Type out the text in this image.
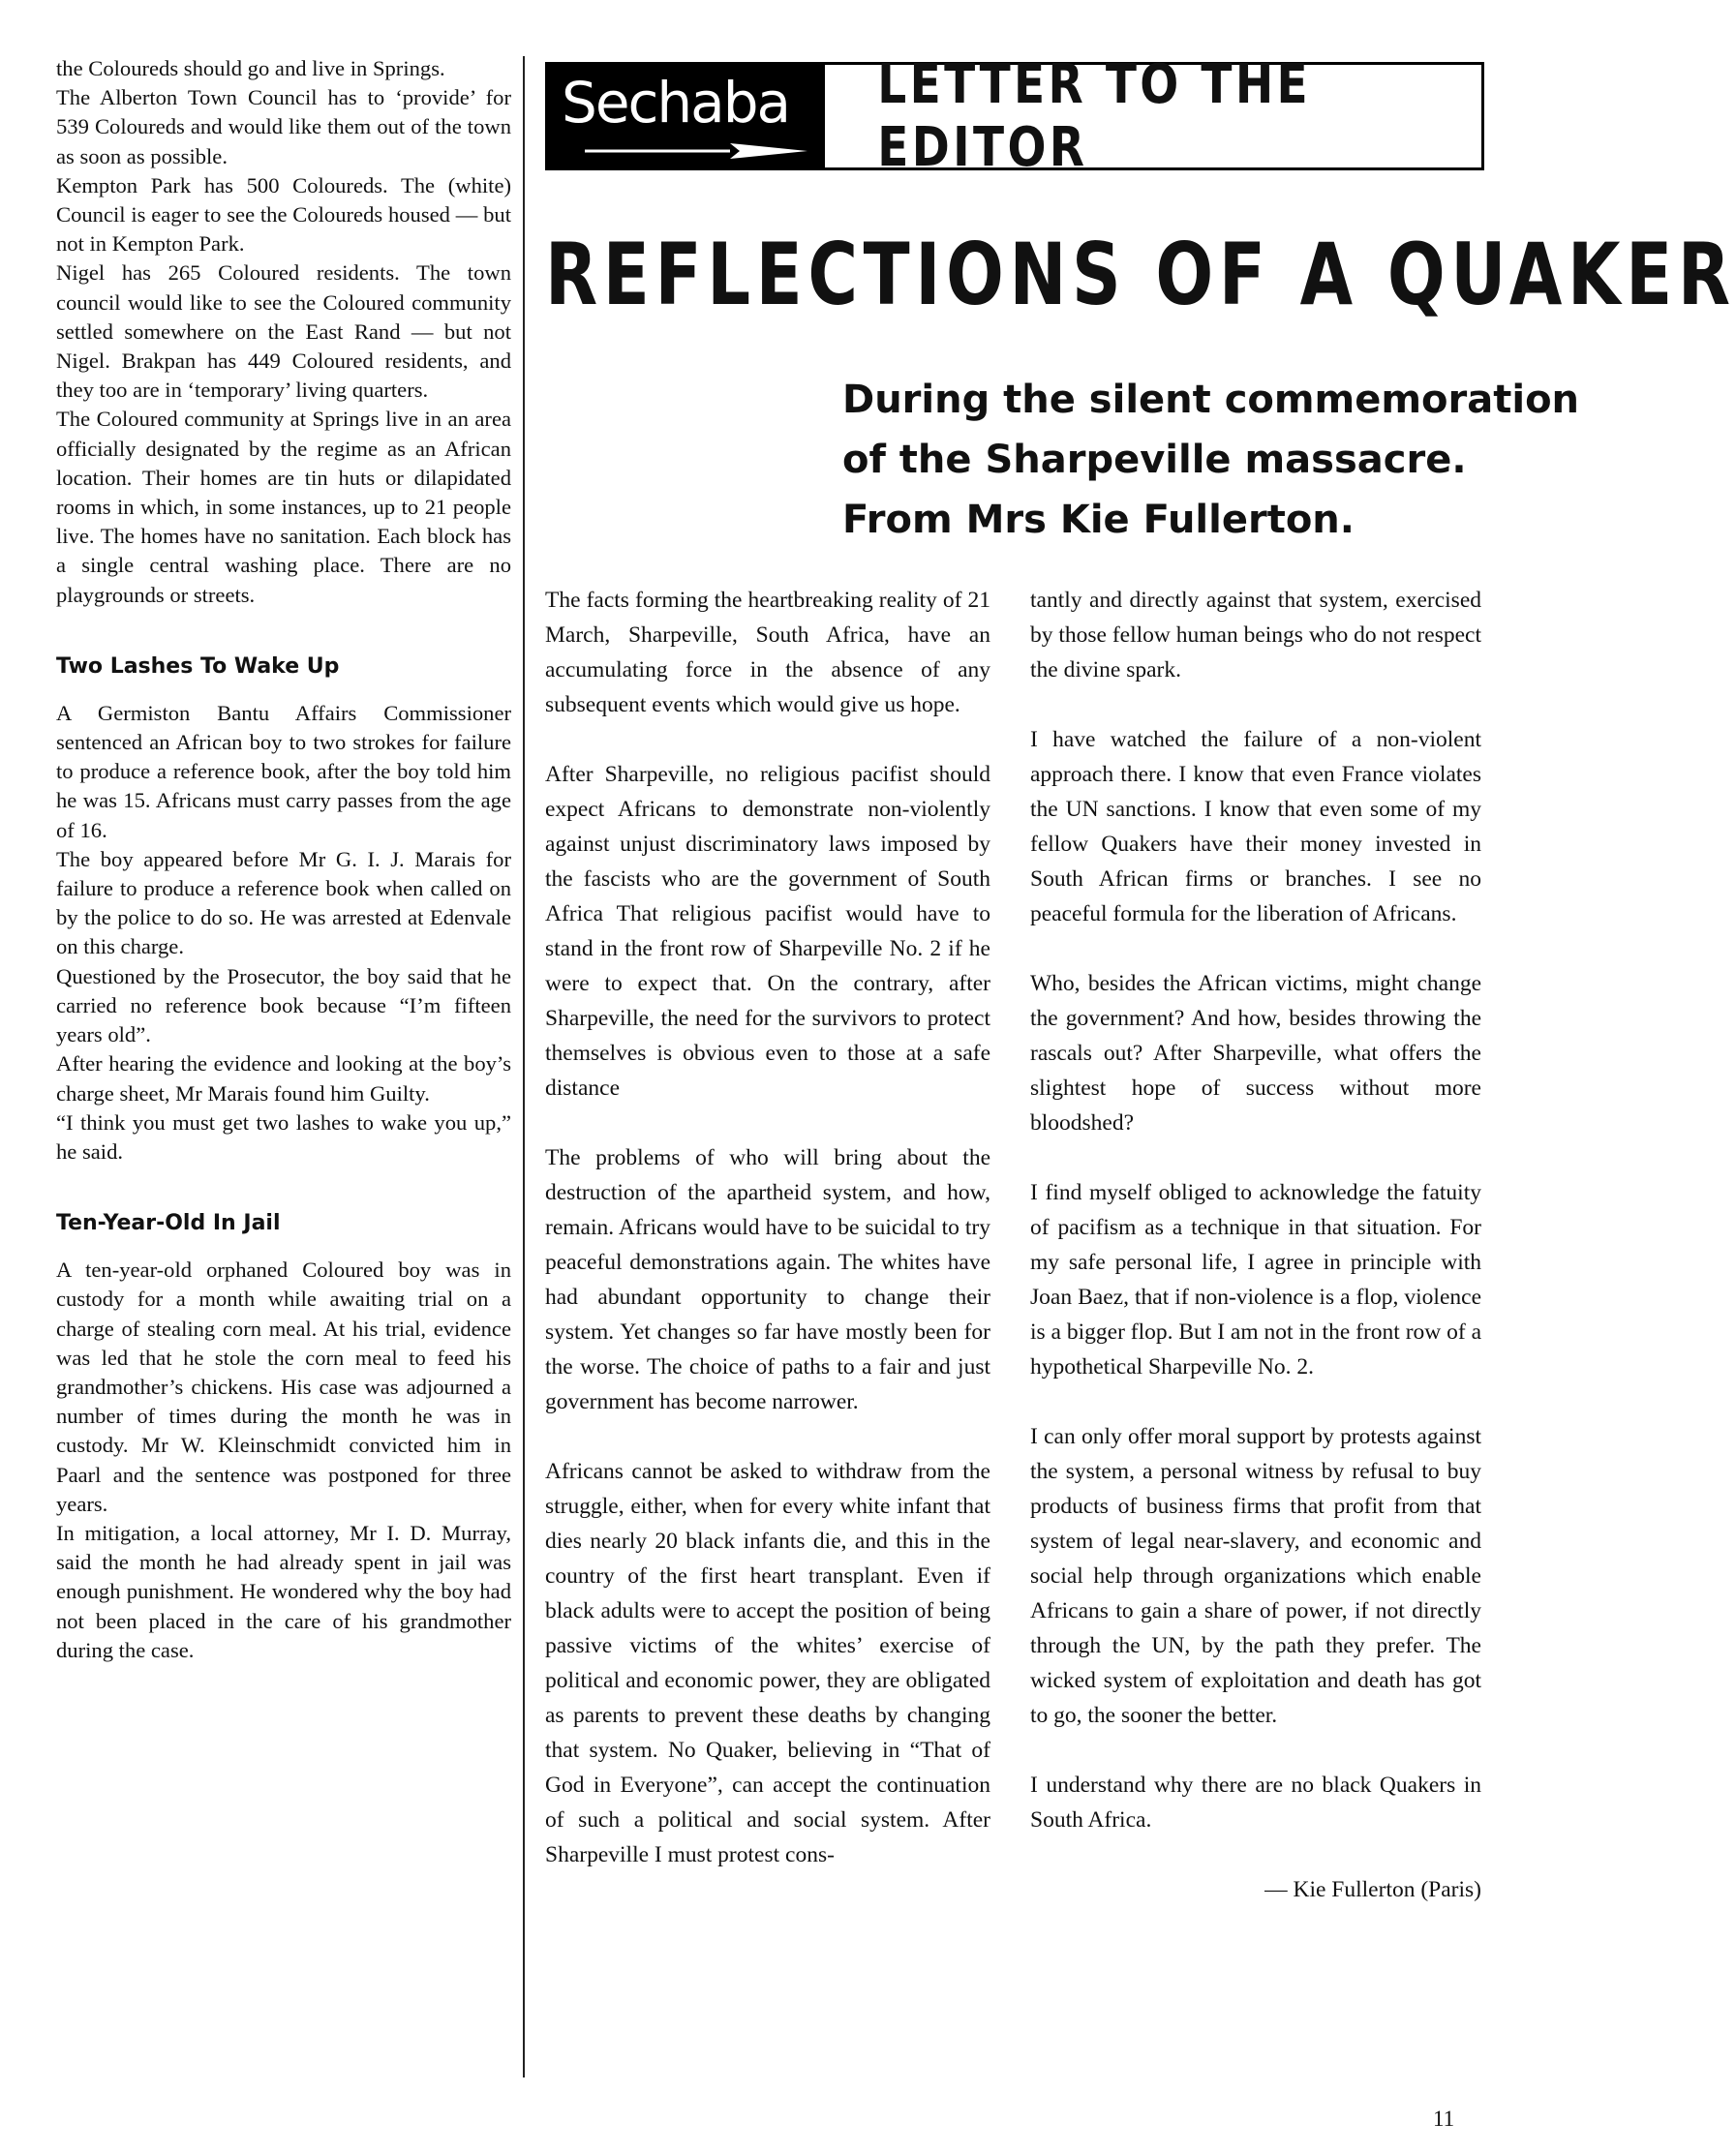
the Coloureds should go and live in Springs.

The Alberton Town Council has to ‘provide’ for 539 Coloureds and would like them out of the town as soon as possible.

Kempton Park has 500 Coloureds. The (white) Council is eager to see the Coloureds housed — but not in Kempton Park.

Nigel has 265 Coloured residents. The town council would like to see the Coloured community settled somewhere on the East Rand — but not Nigel. Brakpan has 449 Coloured residents, and they too are in ‘temporary’ living quarters.

The Coloured community at Springs live in an area officially designated by the regime as an African location. Their homes are tin huts or dilapidated rooms in which, in some instances, up to 21 people live. The homes have no sanitation. Each block has a single central washing place. There are no playgrounds or streets.

Two Lashes To Wake Up

A Germiston Bantu Affairs Commissioner sentenced an African boy to two strokes for failure to produce a reference book, after the boy told him he was 15. Africans must carry passes from the age of 16.

The boy appeared before Mr G. I. J. Marais for failure to produce a reference book when called on by the police to do so. He was arrested at Edenvale on this charge.

Questioned by the Prosecutor, the boy said that he carried no reference book because “I’m fifteen years old”.

After hearing the evidence and looking at the boy’s charge sheet, Mr Marais found him Guilty.

“I think you must get two lashes to wake you up,” he said.

Ten-Year-Old In Jail

A ten-year-old orphaned Coloured boy was in custody for a month while awaiting trial on a charge of stealing corn meal. At his trial, evidence was led that he stole the corn meal to feed his grandmother’s chickens. His case was adjourned a number of times during the month he was in custody. Mr W. Kleinschmidt convicted him in Paarl and the sentence was postponed for three years.

In mitigation, a local attorney, Mr I. D. Murray, said the month he had already spent in jail was enough punishment. He wondered why the boy had not been placed in the care of his grandmother during the case.

Sechaba LETTER TO THE EDITOR
REFLECTIONS OF A QUAKER
During the silent commemoration
of the Sharpeville massacre.
From Mrs Kie Fullerton.

The facts forming the heartbreaking reality of 21 March, Sharpeville, South Africa, have an accumulating force in the absence of any subsequent events which would give us hope.

After Sharpeville, no religious pacifist should expect Africans to demonstrate non-violently against unjust discriminatory laws imposed by the fascists who are the government of South Africa That religious pacifist would have to stand in the front row of Sharpeville No. 2 if he were to expect that. On the contrary, after Sharpeville, the need for the survivors to protect themselves is obvious even to those at a safe distance

The problems of who will bring about the destruction of the apartheid system, and how, remain. Africans would have to be suicidal to try peaceful demonstrations again. The whites have had abundant opportunity to change their system. Yet changes so far have mostly been for the worse. The choice of paths to a fair and just government has become narrower.

Africans cannot be asked to withdraw from the struggle, either, when for every white infant that dies nearly 20 black infants die, and this in the country of the first heart transplant. Even if black adults were to accept the position of being passive victims of the whites’ exercise of political and economic power, they are obligated as parents to prevent these deaths by changing that system. No Quaker, believing in “That of God in Everyone”, can accept the continuation of such a political and social system. After Sharpeville I must protest cons-

tantly and directly against that system, exercised by those fellow human beings who do not respect the divine spark.

I have watched the failure of a non-violent approach there. I know that even France violates the UN sanctions. I know that even some of my fellow Quakers have their money invested in South African firms or branches. I see no peaceful formula for the liberation of Africans.

Who, besides the African victims, might change the government? And how, besides throwing the rascals out? After Sharpeville, what offers the slightest hope of success without more bloodshed?

I find myself obliged to acknowledge the fatuity of pacifism as a technique in that situation. For my safe personal life, I agree in principle with Joan Baez, that if non-violence is a flop, violence is a bigger flop. But I am not in the front row of a hypothetical Sharpeville No. 2.

I can only offer moral support by protests against the system, a personal witness by refusal to buy products of business firms that profit from that system of legal near-slavery, and economic and social help through organizations which enable Africans to gain a share of power, if not directly through the UN, by the path they prefer. The wicked system of exploitation and death has got to go, the sooner the better.

I understand why there are no black Quakers in South Africa.

— Kie Fullerton (Paris)
11
